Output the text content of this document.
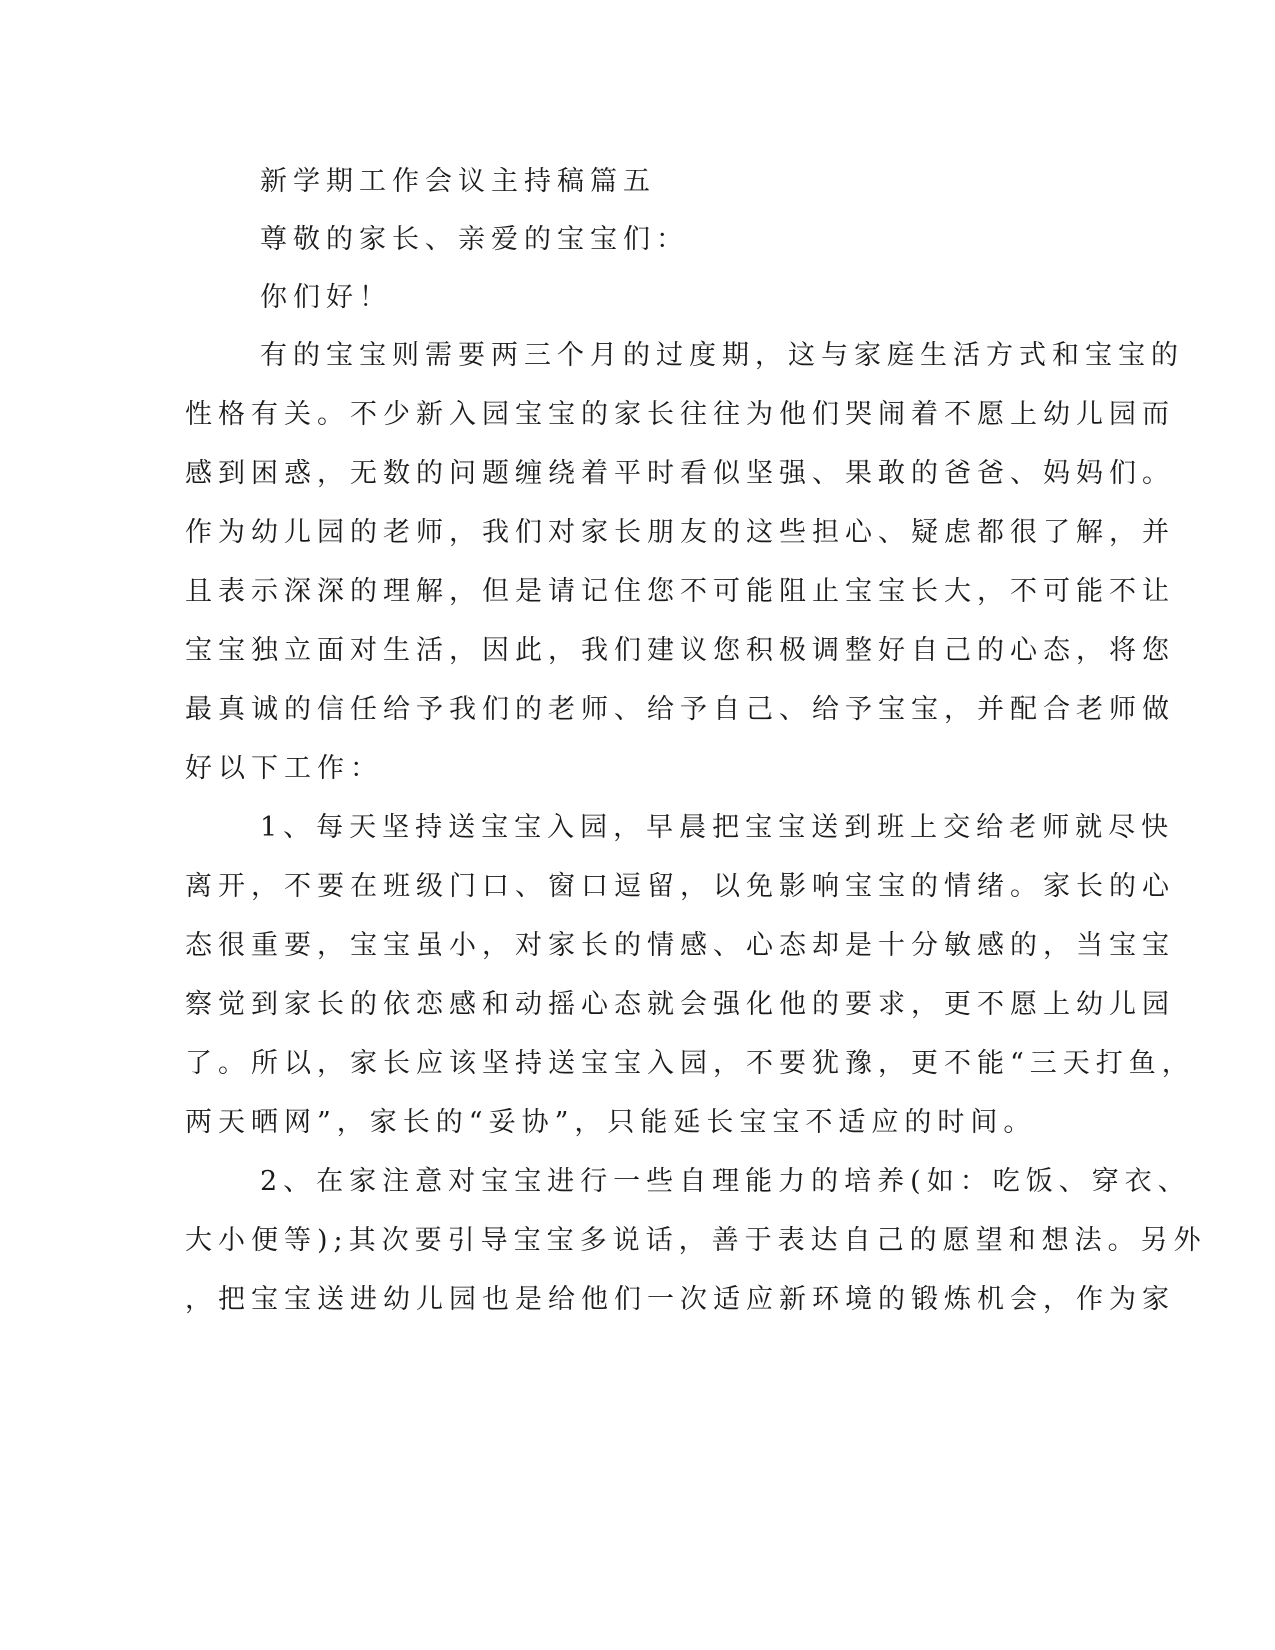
新学期工作会议主持稿篇五

尊敬的家长、亲爱的宝宝们：

你们好！

有的宝宝则需要两三个月的过度期，这与家庭生活方式和宝宝的

性格有关。不少新入园宝宝的家长往往为他们哭闹着不愿上幼儿园而

感到困惑，无数的问题缠绕着平时看似坚强、果敢的爸爸、妈妈们。

作为幼儿园的老师，我们对家长朋友的这些担心、疑虑都很了解，并

且表示深深的理解，但是请记住您不可能阻止宝宝长大，不可能不让

宝宝独立面对生活，因此，我们建议您积极调整好自己的心态，将您

最真诚的信任给予我们的老师、给予自己、给予宝宝，并配合老师做

好以下工作：

1、每天坚持送宝宝入园，早晨把宝宝送到班上交给老师就尽快

离开，不要在班级门口、窗口逗留，以免影响宝宝的情绪。家长的心

态很重要，宝宝虽小，对家长的情感、心态却是十分敏感的，当宝宝

察觉到家长的依恋感和动摇心态就会强化他的要求，更不愿上幼儿园

了。所以，家长应该坚持送宝宝入园，不要犹豫，更不能“三天打鱼，

两天晒网”，家长的“妥协”，只能延长宝宝不适应的时间。

2、在家注意对宝宝进行一些自理能力的培养(如：吃饭、穿衣、

大小便等);其次要引导宝宝多说话，善于表达自己的愿望和想法。另外

，把宝宝送进幼儿园也是给他们一次适应新环境的锻炼机会，作为家
